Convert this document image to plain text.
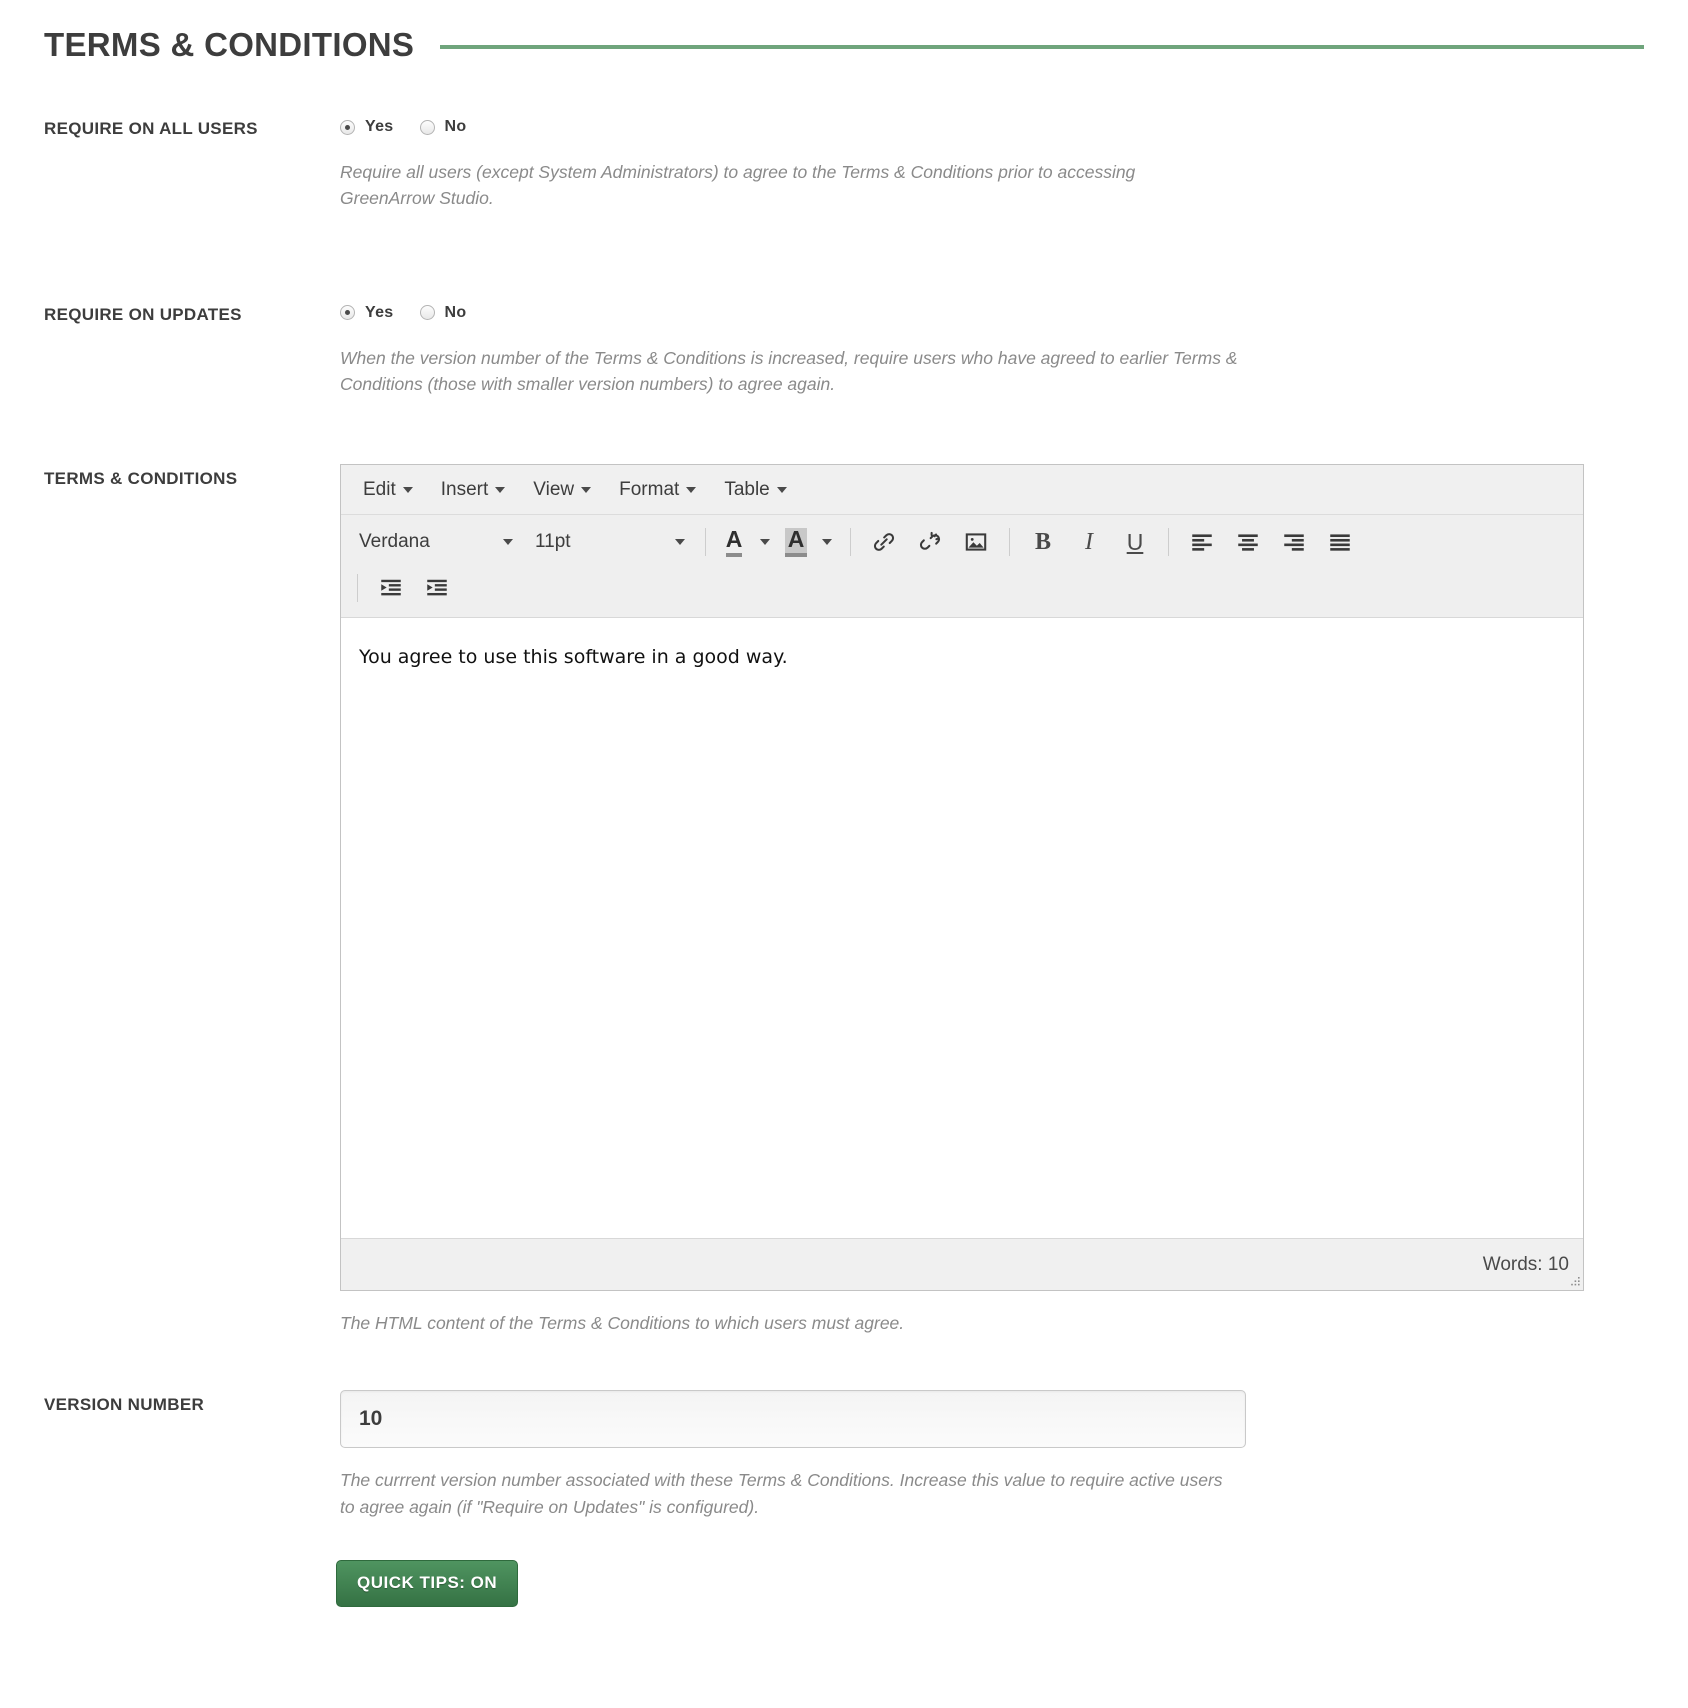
TERMS & CONDITIONS
REQUIRE ON ALL USERS	Yes	No
Require all users (except System Administrators) to agree to the Terms & Conditions prior to accessing GreenArrow Studio.
REQUIRE ON UPDATES	Yes	No
When the version number of the Terms & Conditions is increased, require users who have agreed to earlier Terms & Conditions (those with smaller version numbers) to agree again.
TERMS & CONDITIONS	Edit Insert View Format Table
Verdana	11pt	A A	B I U

You agree to use this software in a good way.

Words: 10
The HTML content of the Terms & Conditions to which users must agree.
VERSION NUMBER
10
The currrent version number associated with these Terms & Conditions. Increase this value to require active users to agree again (if "Require on Updates" is configured).
QUICK TIPS: ON
